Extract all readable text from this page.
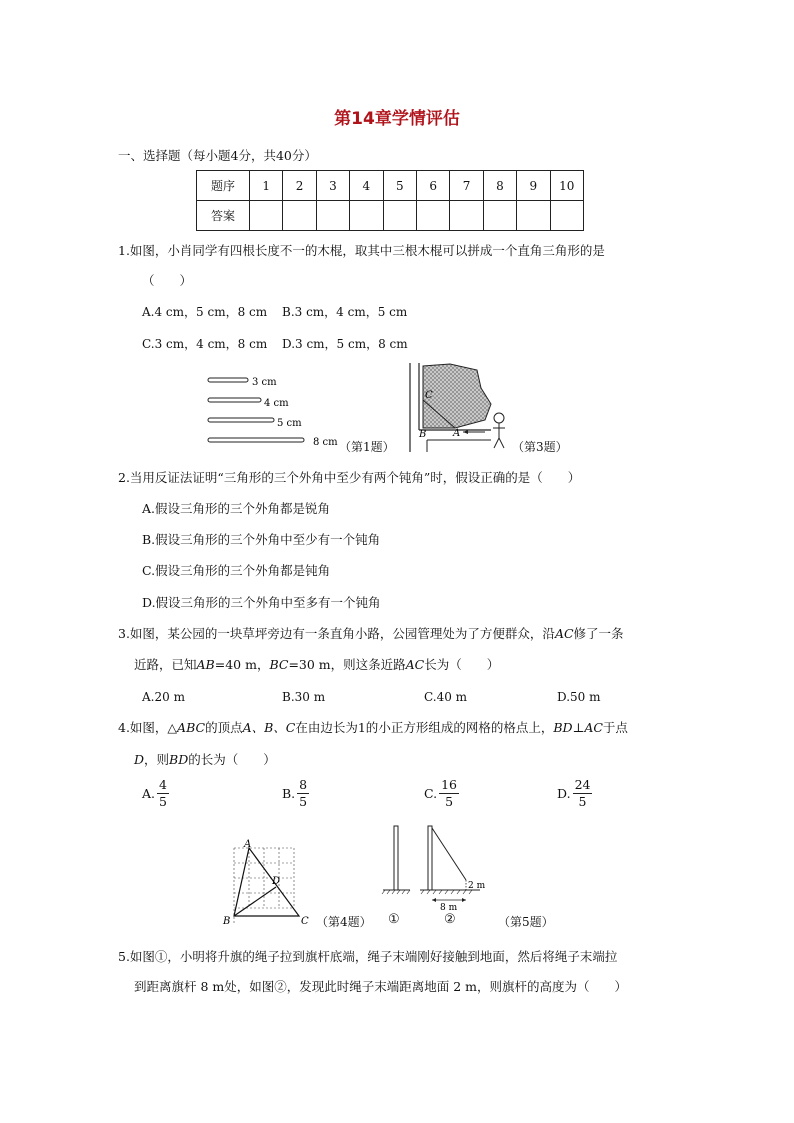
第14章学情评估
一、选择题（每小题4分，共40分）
题序	1	2	3	4	5	6	7	8	9	10
答案										
1.如图，小肖同学有四根长度不一的木棍，取其中三根木棍可以拼成一个直角三角形的是
（　　）
A.4 cm，5 cm，8 cm B.3 cm，4 cm，5 cm
C.3 cm，4 cm，8 cm D.3 cm，5 cm，8 cm
3 cm
4 cm
5 cm
8 cm （第1题）
C
B	A
（第3题）
2.当用反证法证明“三角形的三个外角中至少有两个钝角”时，假设正确的是（　　）
A.假设三角形的三个外角都是锐角
B.假设三角形的三个外角中至少有一个钝角
C.假设三角形的三个外角都是钝角
D.假设三角形的三个外角中至多有一个钝角
3.如图，某公园的一块草坪旁边有一条直角小路，公园管理处为了方便群众，沿AC修了一条
近路，已知AB=40 m，BC=30 m，则这条近路AC长为（　　）
A.20 m	B.30 m	C.40 m	D.50 m
4.如图，△ABC的顶点A、B、C在由边长为1的小正方形组成的网格的格点上，BD⊥AC于点
D，则BD的长为（　　）
A. $\frac{4}{5}$	B. $\frac{8}{5}$	C. $\frac{16}{5}$	D. $\frac{24}{5}$
A
B	C
D
（第4题）
2 m
8 m
①	②	（第5题）
5.如图①，小明将升旗的绳子拉到旗杆底端，绳子末端刚好接触到地面，然后将绳子末端拉
到距离旗杆 8 m处，如图②，发现此时绳子末端距离地面 2 m，则旗杆的高度为（　　）
